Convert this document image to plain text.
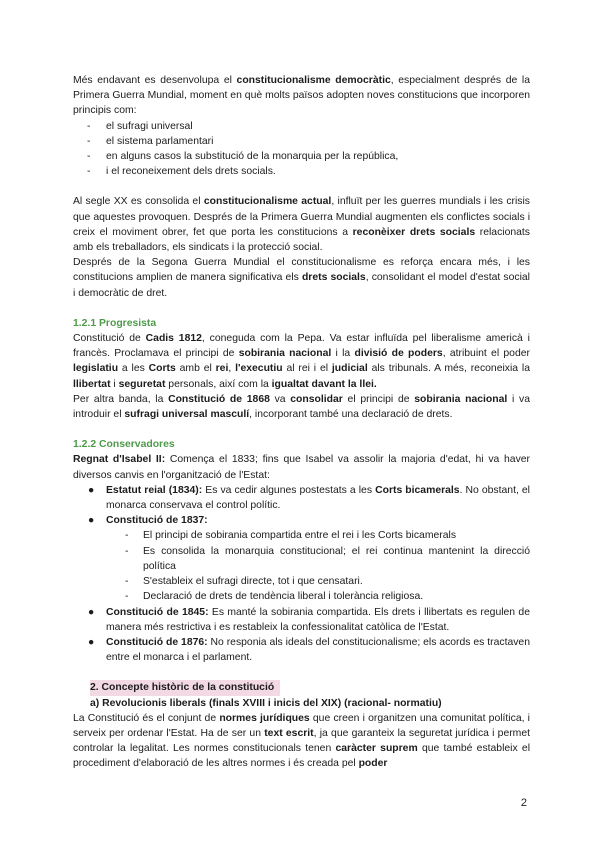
Més endavant es desenvolupa el constitucionalisme democràtic, especialment després de la Primera Guerra Mundial, moment en què molts països adopten noves constitucions que incorporen principis com:

- el sufragi universal
- el sistema parlamentari
- en alguns casos la substitució de la monarquia per la república,
- i el reconeixement dels drets socials.

Al segle XX es consolida el constitucionalisme actual, influït per les guerres mundials i les crisis que aquestes provoquen. Després de la Primera Guerra Mundial augmenten els conflictes socials i creix el moviment obrer, fet que porta les constitucions a reconèixer drets socials relacionats amb els treballadors, els sindicats i la protecció social.

Després de la Segona Guerra Mundial el constitucionalisme es reforça encara més, i les constitucions amplien de manera significativa els drets socials, consolidant el model d'estat social i democràtic de dret.

1.2.1 Progresista

Constitució de Cadis 1812, coneguda com la Pepa. Va estar influïda pel liberalisme americà i francès. Proclamava el principi de sobirania nacional i la divisió de poders, atribuint el poder legislatiu a les Corts amb el rei, l'executiu al rei i el judicial als tribunals. A més, reconeixia la llibertat i seguretat personals, així com la igualtat davant la llei.

Per altra banda, la Constitució de 1868 va consolidar el principi de sobirania nacional i va introduir el sufragi universal masculí, incorporant també una declaració de drets.

1.2.2 Conservadores

Regnat d'Isabel II: Comença el 1833; fins que Isabel va assolir la majoria d'edat, hi va haver diversos canvis en l'organització de l'Estat:

● Estatut reial (1834): Es va cedir algunes postestats a les Corts bicamerals. No obstant, el monarca conservava el control polític.
● Constitució de 1837:
- El principi de sobirania compartida entre el rei i les Corts bicamerals
- Es consolida la monarquia constitucional; el rei continua mantenint la direcció política
- S'estableix el sufragi directe, tot i que censatari.
- Declaració de drets de tendència liberal i tolerància religiosa.
● Constitució de 1845: Es manté la sobirania compartida. Els drets i llibertats es regulen de manera més restrictiva i es restableix la confessionalitat catòlica de l'Estat.
● Constitució de 1876: No responia als ideals del constitucionalisme; els acords es tractaven entre el monarca i el parlament.

2. Concepte històric de la constitució

a) Revolucionis liberals (finals XVIII i inicis del XIX) (racional- normatiu)

La Constitució és el conjunt de normes jurídiques que creen i organitzen una comunitat política, i serveix per ordenar l'Estat. Ha de ser un text escrit, ja que garanteix la seguretat jurídica i permet controlar la legalitat. Les normes constitucionals tenen caràcter suprem que també estableix el procediment d'elaboració de les altres normes i és creada pel poder

2
